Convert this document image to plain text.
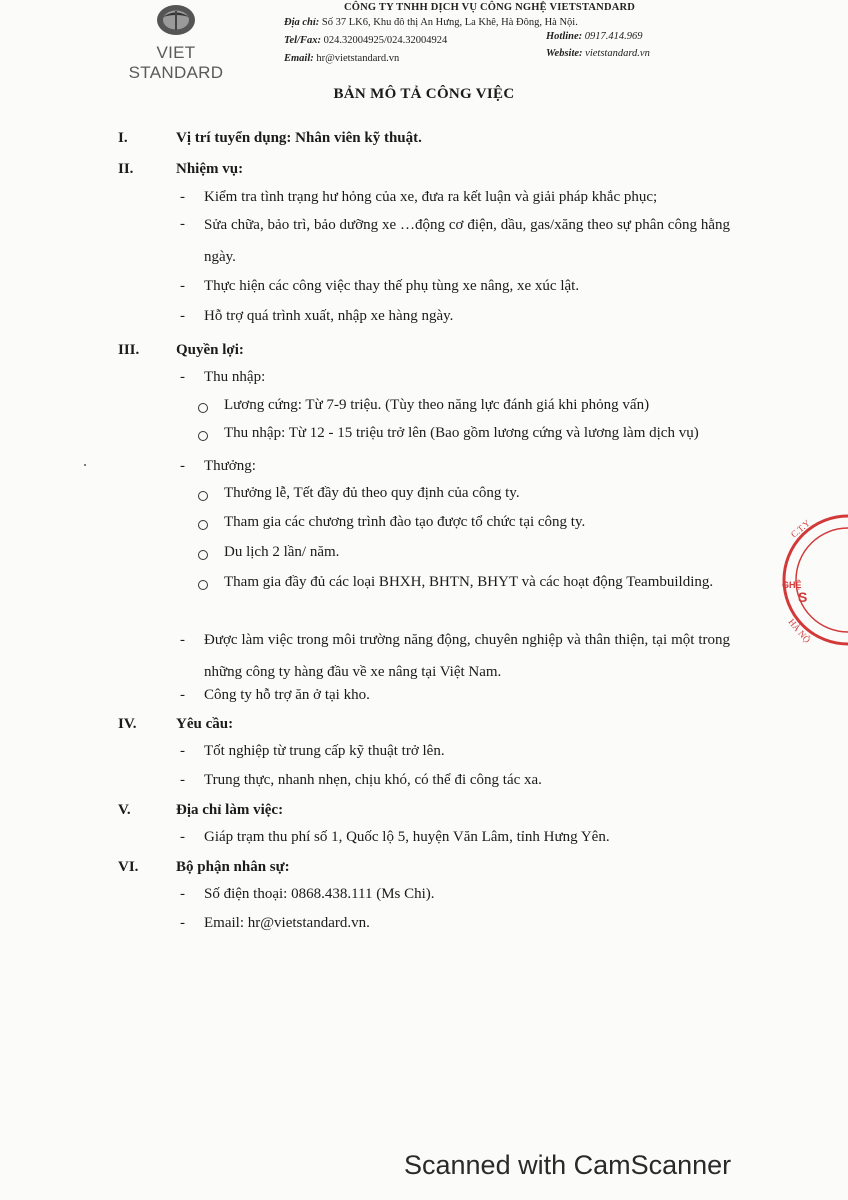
VIET STANDARD
CÔNG TY TNHH DỊCH VỤ CÔNG NGHỆ VIETSTANDARD
Địa chỉ: Số 37 LK6, Khu đô thị An Hưng, La Khê, Hà Đông, Hà Nội.
Tel/Fax: 024.32004925/024.32004924
Email: hr@vietstandard.vn
Hotline: 0917.414.969
Website: vietstandard.vn
BẢN MÔ TẢ CÔNG VIỆC
I.	Vị trí tuyển dụng: Nhân viên kỹ thuật.
II.	Nhiệm vụ:
- Kiểm tra tình trạng hư hỏng của xe, đưa ra kết luận và giải pháp khắc phục;
- Sửa chữa, bảo trì, bảo dưỡng xe …động cơ điện, dầu, gas/xăng theo sự phân công hằng ngày.
- Thực hiện các công việc thay thế phụ tùng xe nâng, xe xúc lật.
- Hỗ trợ quá trình xuất, nhập xe hàng ngày.
III. Quyền lợi:
- Thu nhập:
Lương cứng: Từ 7-9 triệu. (Tùy theo năng lực đánh giá khi phỏng vấn)
Thu nhập: Từ 12 - 15 triệu trở lên (Bao gồm lương cứng và lương làm dịch vụ)
- Thưởng:
Thưởng lễ, Tết đầy đủ theo quy định của công ty.
Tham gia các chương trình đào tạo được tổ chức tại công ty.
Du lịch 2 lần/ năm.
Tham gia đầy đủ các loại BHXH, BHTN, BHYT và các hoạt động Teambuilding.
- Được làm việc trong môi trường năng động, chuyên nghiệp và thân thiện, tại một trong những công ty hàng đầu về xe nâng tại Việt Nam.
- Công ty hỗ trợ ăn ở tại kho.
IV.	Yêu cầu:
- Tốt nghiệp từ trung cấp kỹ thuật trở lên.
- Trung thực, nhanh nhẹn, chịu khó, có thể đi công tác xa.
V.	Địa chỉ làm việc:
- Giáp trạm thu phí số 1, Quốc lộ 5, huyện Văn Lâm, tỉnh Hưng Yên.
VI.	Bộ phận nhân sự:
- Số điện thoại: 0868.438.111 (Ms Chi).
- Email: hr@vietstandard.vn.
C.T.Y
GHỆ
S
HÀ NỘ
Scanned with CamScanner
